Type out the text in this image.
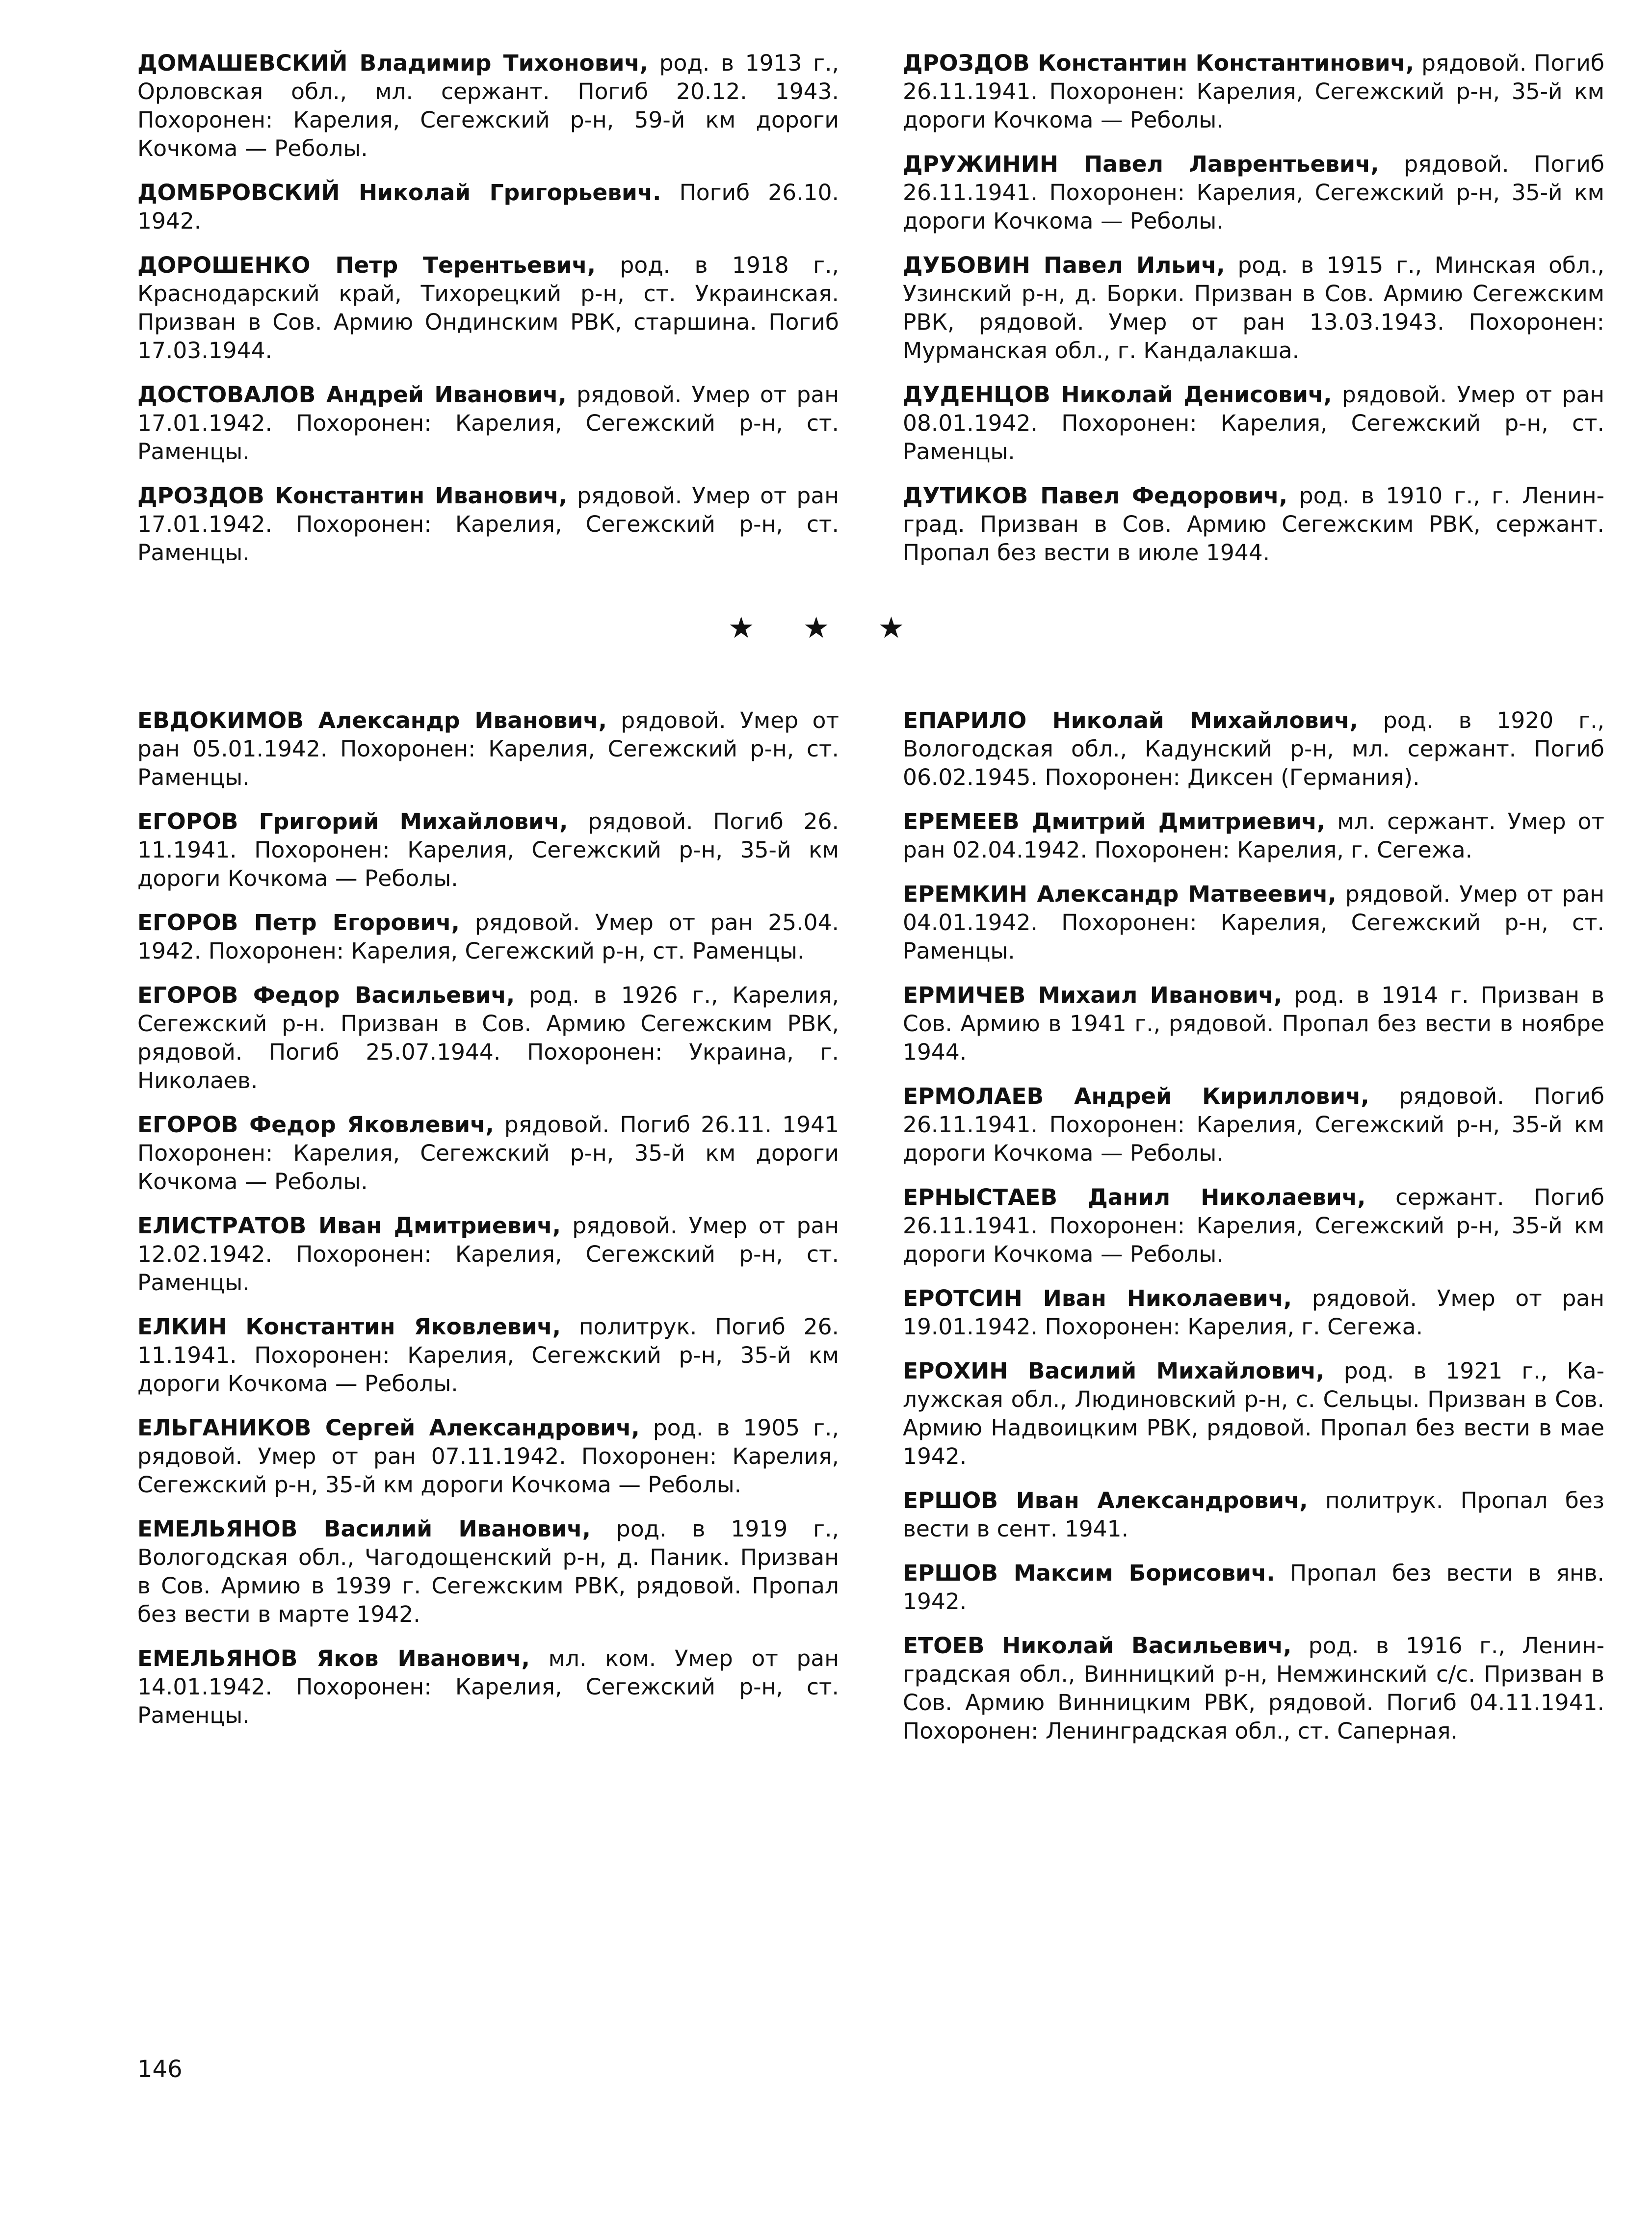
ДОМАШЕВСКИЙ Владимир Тихонович, род. в 1913 г., Орловская обл., мл. сержант. Погиб 20.12. 1943. Похоронен: Карелия, Сегежский р-н, 59-й км дороги Кочкома — Реболы.

ДОМБРОВСКИЙ Николай Григорьевич. Погиб 26.10. 1942.

ДОРОШЕНКО Петр Терентьевич, род. в 1918 г., Краснодарский край, Тихорецкий р-н, ст. Украинская. Призван в Сов. Армию Ондинским РВК, старшина. Погиб 17.03.1944.

ДОСТОВАЛОВ Андрей Иванович, рядовой. Умер от ран 17.01.1942. Похоронен: Карелия, Сегежский р-н, ст. Раменцы.

ДРОЗДОВ Константин Иванович, рядовой. Умер от ран 17.01.1942. Похоронен: Карелия, Сегежский р-н, ст. Раменцы.

ДРОЗДОВ Константин Константинович, рядовой. Погиб 26.11.1941. Похоронен: Карелия, Сегежский р-н, 35-й км дороги Кочкома — Реболы.

ДРУЖИНИН Павел Лаврентьевич, рядовой. Погиб 26.11.1941. Похоронен: Карелия, Сегежский р-н, 35-й км дороги Кочкома — Реболы.

ДУБОВИН Павел Ильич, род. в 1915 г., Минская обл., Узинский р-н, д. Борки. Призван в Сов. Армию Сегежским РВК, рядовой. Умер от ран 13.03.1943. Похоронен: Мурманская обл., г. Кандалакша.

ДУДЕНЦОВ Николай Денисович, рядовой. Умер от ран 08.01.1942. Похоронен: Карелия, Сегежский р-н, ст. Раменцы.

ДУТИКОВ Павел Федорович, род. в 1910 г., г. Ленинград. Призван в Сов. Армию Сегежским РВК, сержант. Пропал без вести в июле 1944.

★ ★ ★

ЕВДОКИМОВ Александр Иванович, рядовой. Умер от ран 05.01.1942. Похоронен: Карелия, Сегежский р-н, ст. Раменцы.

ЕГОРОВ Григорий Михайлович, рядовой. Погиб 26. 11.1941. Похоронен: Карелия, Сегежский р-н, 35-й км дороги Кочкома — Реболы.

ЕГОРОВ Петр Егорович, рядовой. Умер от ран 25.04. 1942. Похоронен: Карелия, Сегежский р-н, ст. Раменцы.

ЕГОРОВ Федор Васильевич, род. в 1926 г., Карелия, Сегежский р-н. Призван в Сов. Армию Сегежским РВК, рядовой. Погиб 25.07.1944. Похоронен: Украина, г. Николаев.

ЕГОРОВ Федор Яковлевич, рядовой. Погиб 26.11. 1941 Похоронен: Карелия, Сегежский р-н, 35-й км дороги Кочкома — Реболы.

ЕЛИСТРАТОВ Иван Дмитриевич, рядовой. Умер от ран 12.02.1942. Похоронен: Карелия, Сегежский р-н, ст. Раменцы.

ЕЛКИН Константин Яковлевич, политрук. Погиб 26. 11.1941. Похоронен: Карелия, Сегежский р-н, 35-й км дороги Кочкома — Реболы.

ЕЛЬГАНИКОВ Сергей Александрович, род. в 1905 г., рядовой. Умер от ран 07.11.1942. Похоронен: Карелия, Сегежский р-н, 35-й км дороги Кочкома — Реболы.

ЕМЕЛЬЯНОВ Василий Иванович, род. в 1919 г., Вологодская обл., Чагодощенский р-н, д. Паник. Призван в Сов. Армию в 1939 г. Сегежским РВК, рядовой. Пропал без вести в марте 1942.

ЕМЕЛЬЯНОВ Яков Иванович, мл. ком. Умер от ран 14.01.1942. Похоронен: Карелия, Сегежский р-н, ст. Раменцы.

ЕПАРИЛО Николай Михайлович, род. в 1920 г., Вологодская обл., Кадунский р-н, мл. сержант. Погиб 06.02.1945. Похоронен: Диксен (Германия).

ЕРЕМЕЕВ Дмитрий Дмитриевич, мл. сержант. Умер от ран 02.04.1942. Похоронен: Карелия, г. Сегежа.

ЕРЕМКИН Александр Матвеевич, рядовой. Умер от ран 04.01.1942. Похоронен: Карелия, Сегежский р-н, ст. Раменцы.

ЕРМИЧЕВ Михаил Иванович, род. в 1914 г. Призван в Сов. Армию в 1941 г., рядовой. Пропал без вести в ноябре 1944.

ЕРМОЛАЕВ Андрей Кириллович, рядовой. Погиб 26.11.1941. Похоронен: Карелия, Сегежский р-н, 35-й км дороги Кочкома — Реболы.

ЕРНЫСТАЕВ Данил Николаевич, сержант. Погиб 26.11.1941. Похоронен: Карелия, Сегежский р-н, 35-й км дороги Кочкома — Реболы.

ЕРОТСИН Иван Николаевич, рядовой. Умер от ран 19.01.1942. Похоронен: Карелия, г. Сегежа.

ЕРОХИН Василий Михайлович, род. в 1921 г., Калужская обл., Людиновский р-н, с. Сельцы. Призван в Сов. Армию Надвоицким РВК, рядовой. Пропал без вести в мае 1942.

ЕРШОВ Иван Александрович, политрук. Пропал без вести в сент. 1941.

ЕРШОВ Максим Борисович. Пропал без вести в янв. 1942.

ЕТОЕВ Николай Васильевич, род. в 1916 г., Ленинградская обл., Винницкий р-н, Немжинский с/с. Призван в Сов. Армию Винницким РВК, рядовой. Погиб 04.11.1941. Похоронен: Ленинградская обл., ст. Саперная.

146
